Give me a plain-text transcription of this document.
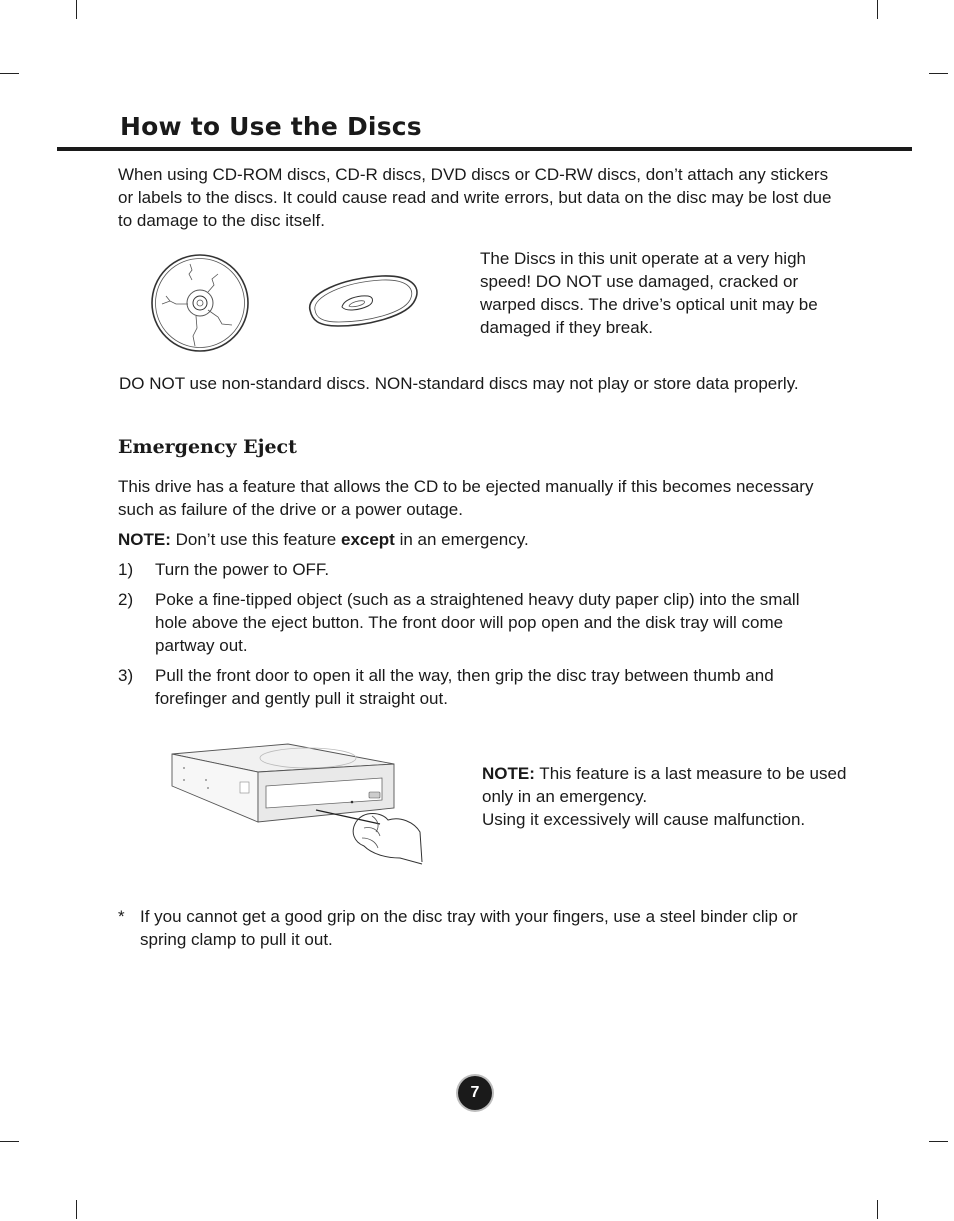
How to Use the Discs

When using CD-ROM discs, CD-R discs, DVD discs or CD-RW discs, don’t attach any stickers or labels to the discs. It could cause read and write errors, but data on the disc may be lost due to damage to the disc itself.

The Discs in this unit operate at a very high speed! DO NOT use damaged, cracked or warped discs. The drive’s optical unit may be damaged if they break.

DO NOT use non-standard discs. NON-standard discs may not play or store data properly.

Emergency Eject

This drive has a feature that allows the CD to be ejected manually if this becomes necessary such as failure of the drive or a power outage.

NOTE: Don’t use this feature except in an emergency.

1) Turn the power to OFF.
2) Poke a fine-tipped object (such as a straightened heavy duty paper clip) into the small hole above the eject button. The front door will pop open and the disk tray will come partway out.
3) Pull the front door to open it all the way, then grip the disc tray between thumb and forefinger and gently pull it straight out.

NOTE: This feature is a last measure to be used only in an emergency.
Using it excessively will cause malfunction.

* If you cannot get a good grip on the disc tray with your fingers, use a steel binder clip or spring clamp to pull it out.
7
